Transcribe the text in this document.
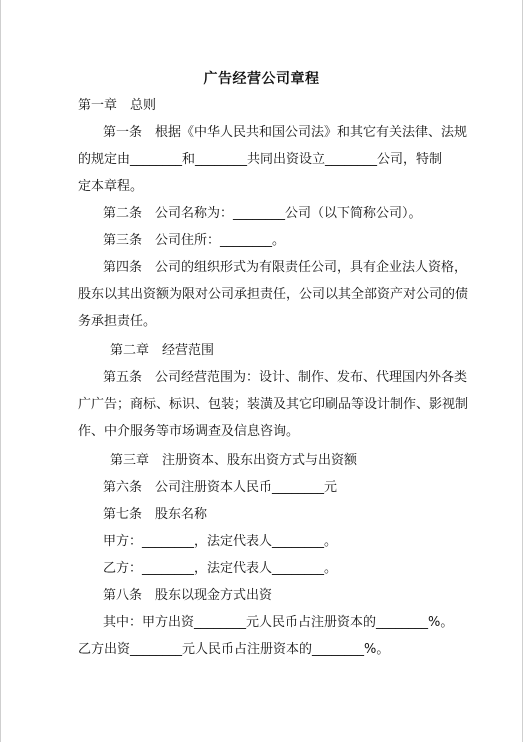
广告经营公司章程
第一章　总则
第一条　根据《中华人民共和国公司法》和其它有关法律、法规
的规定由________和________共同出资设立________公司，特制
定本章程。
第二条　公司名称为：________公司（以下简称公司）。
第三条　公司住所：________。
第四条　公司的组织形式为有限责任公司，具有企业法人资格，
股东以其出资额为限对公司承担责任，公司以其全部资产对公司的债
务承担责任。
第二章　经营范围
第五条　公司经营范围为：设计、制作、发布、代理国内外各类
广广告；商标、标识、包装；装潢及其它印刷品等设计制作、影视制
作、中介服务等市场调查及信息咨询。
第三章　注册资本、股东出资方式与出资额
第六条　公司注册资本人民币________元
第七条　股东名称
甲方：________，法定代表人________。
乙方：________，法定代表人________。
第八条　股东以现金方式出资
其中：甲方出资________元人民币占注册资本的________%。
乙方出资________元人民币占注册资本的________%。
